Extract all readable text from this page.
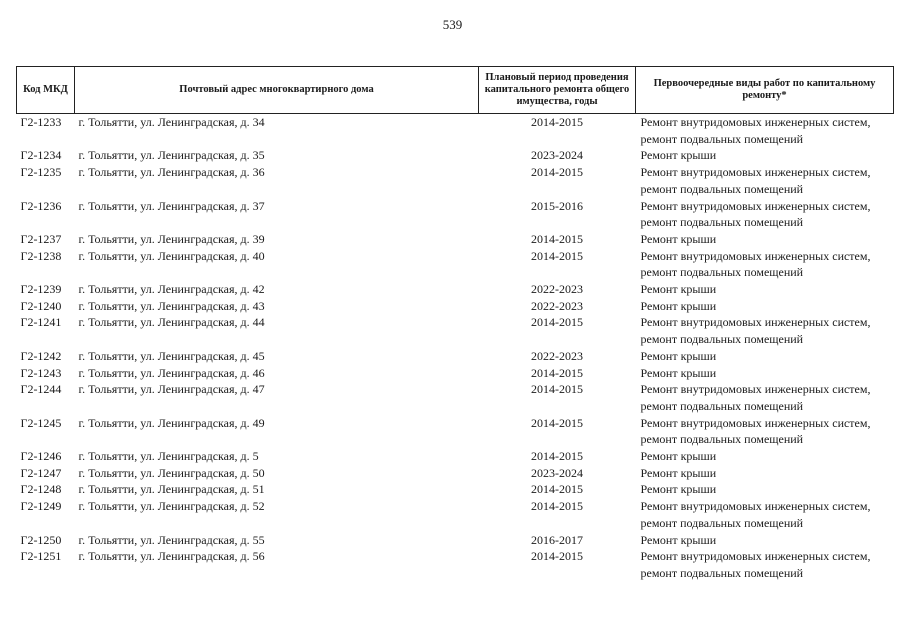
539
Код МКД	Почтовый адрес многоквартирного дома	Плановый период проведения капитального ремонта общего имущества, годы	Первоочередные виды работ по капитальному ремонту*
Г2-1233	г. Тольятти, ул. Ленинградская, д. 34	2014-2015	Ремонт внутридомовых инженерных систем,
ремонт подвальных помещений

Г2-1234	г. Тольятти, ул. Ленинградская, д. 35	2023-2024	Ремонт крыши

Г2-1235	г. Тольятти, ул. Ленинградская, д. 36	2014-2015	Ремонт внутридомовых инженерных систем,
ремонт подвальных помещений

Г2-1236	г. Тольятти, ул. Ленинградская, д. 37	2015-2016	Ремонт внутридомовых инженерных систем,
ремонт подвальных помещений

Г2-1237	г. Тольятти, ул. Ленинградская, д. 39	2014-2015	Ремонт крыши

Г2-1238	г. Тольятти, ул. Ленинградская, д. 40	2014-2015	Ремонт внутридомовых инженерных систем,
ремонт подвальных помещений

Г2-1239	г. Тольятти, ул. Ленинградская, д. 42	2022-2023	Ремонт крыши

Г2-1240	г. Тольятти, ул. Ленинградская, д. 43	2022-2023	Ремонт крыши

Г2-1241	г. Тольятти, ул. Ленинградская, д. 44	2014-2015	Ремонт внутридомовых инженерных систем,
ремонт подвальных помещений

Г2-1242	г. Тольятти, ул. Ленинградская, д. 45	2022-2023	Ремонт крыши

Г2-1243	г. Тольятти, ул. Ленинградская, д. 46	2014-2015	Ремонт крыши

Г2-1244	г. Тольятти, ул. Ленинградская, д. 47	2014-2015	Ремонт внутридомовых инженерных систем,
ремонт подвальных помещений

Г2-1245	г. Тольятти, ул. Ленинградская, д. 49	2014-2015	Ремонт внутридомовых инженерных систем,
ремонт подвальных помещений

Г2-1246	г. Тольятти, ул. Ленинградская, д. 5	2014-2015	Ремонт крыши

Г2-1247	г. Тольятти, ул. Ленинградская, д. 50	2023-2024	Ремонт крыши

Г2-1248	г. Тольятти, ул. Ленинградская, д. 51	2014-2015	Ремонт крыши

Г2-1249	г. Тольятти, ул. Ленинградская, д. 52	2014-2015	Ремонт внутридомовых инженерных систем,
ремонт подвальных помещений

Г2-1250	г. Тольятти, ул. Ленинградская, д. 55	2016-2017	Ремонт крыши

Г2-1251	г. Тольятти, ул. Ленинградская, д. 56	2014-2015	Ремонт внутридомовых инженерных систем,
ремонт подвальных помещений
